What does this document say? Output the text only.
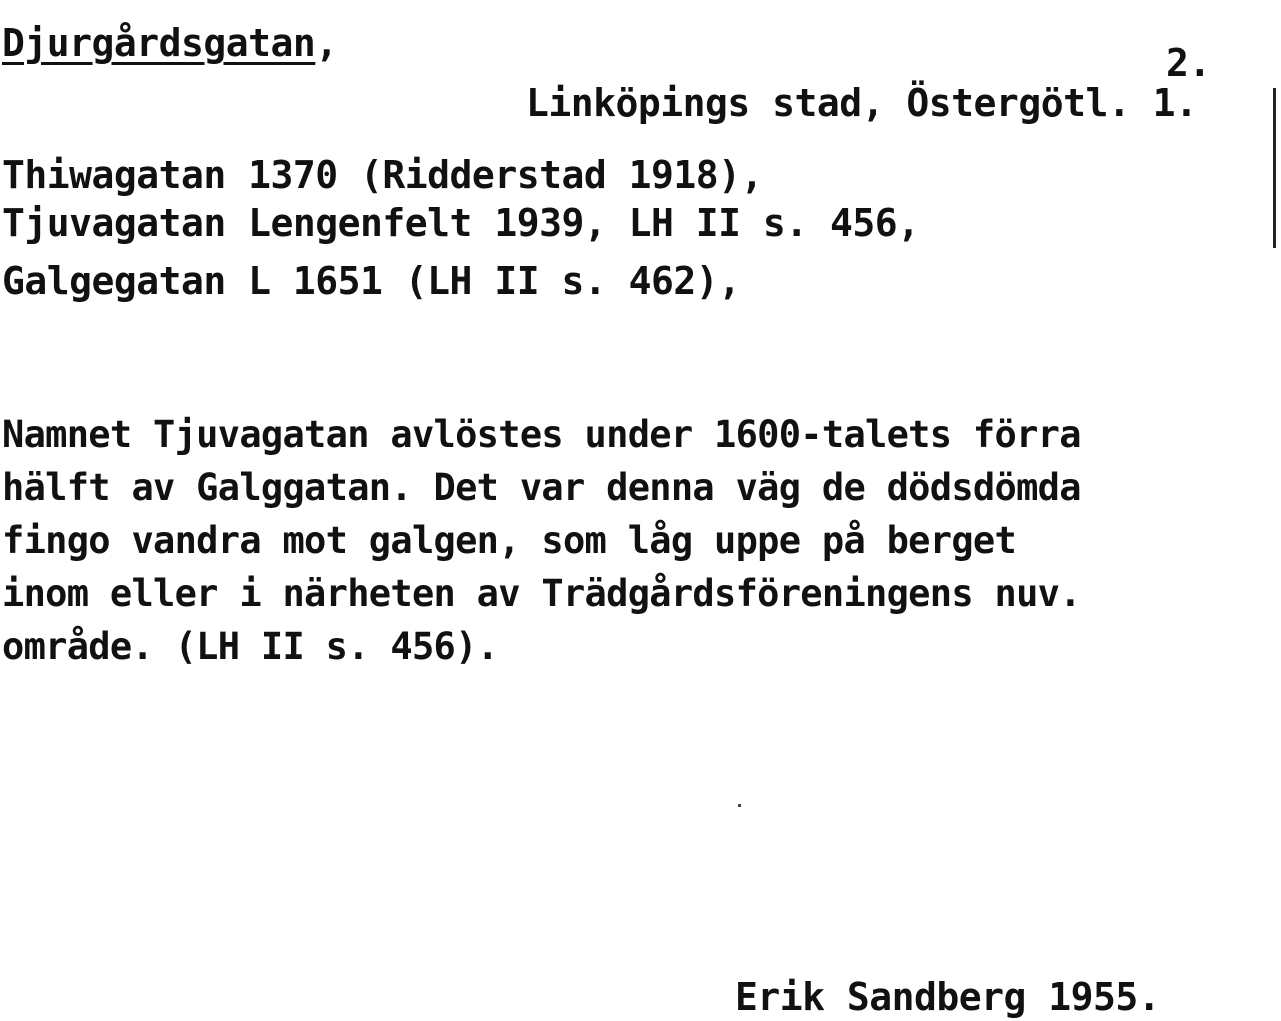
Djurgårdsgatan,	2.
Linköpings stad, Östergötl. 1.
Thiwagatan 1370 (Ridderstad 1918),
Tjuvagatan Lengenfelt 1939, LH II s. 456,
Galgegatan L 1651 (LH II s. 462),
Namnet Tjuvagatan avlöstes under 1600-talets förra
hälft av Galggatan. Det var denna väg de dödsdömda
fingo vandra mot galgen, som låg uppe på berget
inom eller i närheten av Trädgårdsföreningens nuv.
område. (LH II s. 456).
Erik Sandberg 1955.
